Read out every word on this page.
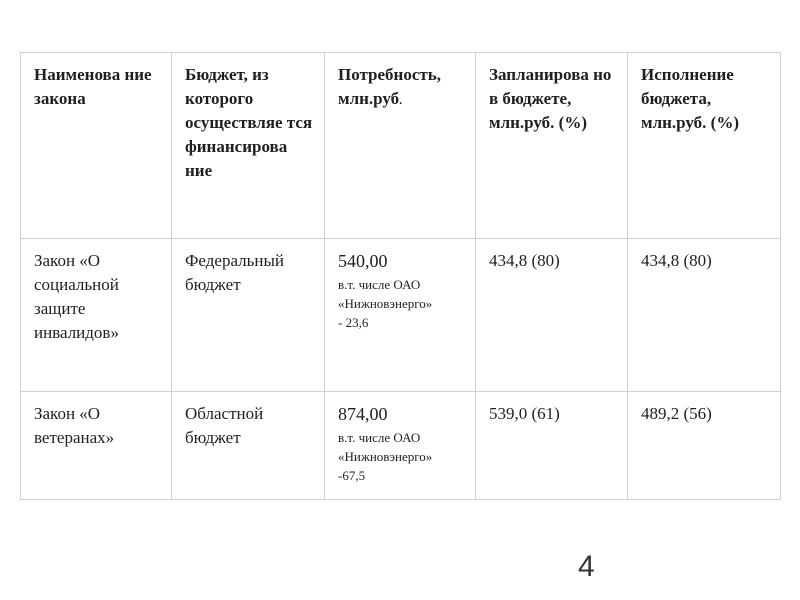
Наименова ние закона	Бюджет, из которого осуществляе тся финансирова ние	Потребность, млн.руб.	Запланирова но в бюджете, млн.руб. (%)	Исполнение бюджета, млн.руб. (%)
Закон «О социальной защите инвалидов»	Федеральный бюджет	540,00
в.т. числе ОАО
«Нижновэнерго»
- 23,6	434,8 (80)	434,8 (80)
Закон «О ветеранах»	Областной бюджет	874,00
в.т. числе ОАО
«Нижновэнерго»
-67,5	539,0 (61)	489,2 (56)
4
